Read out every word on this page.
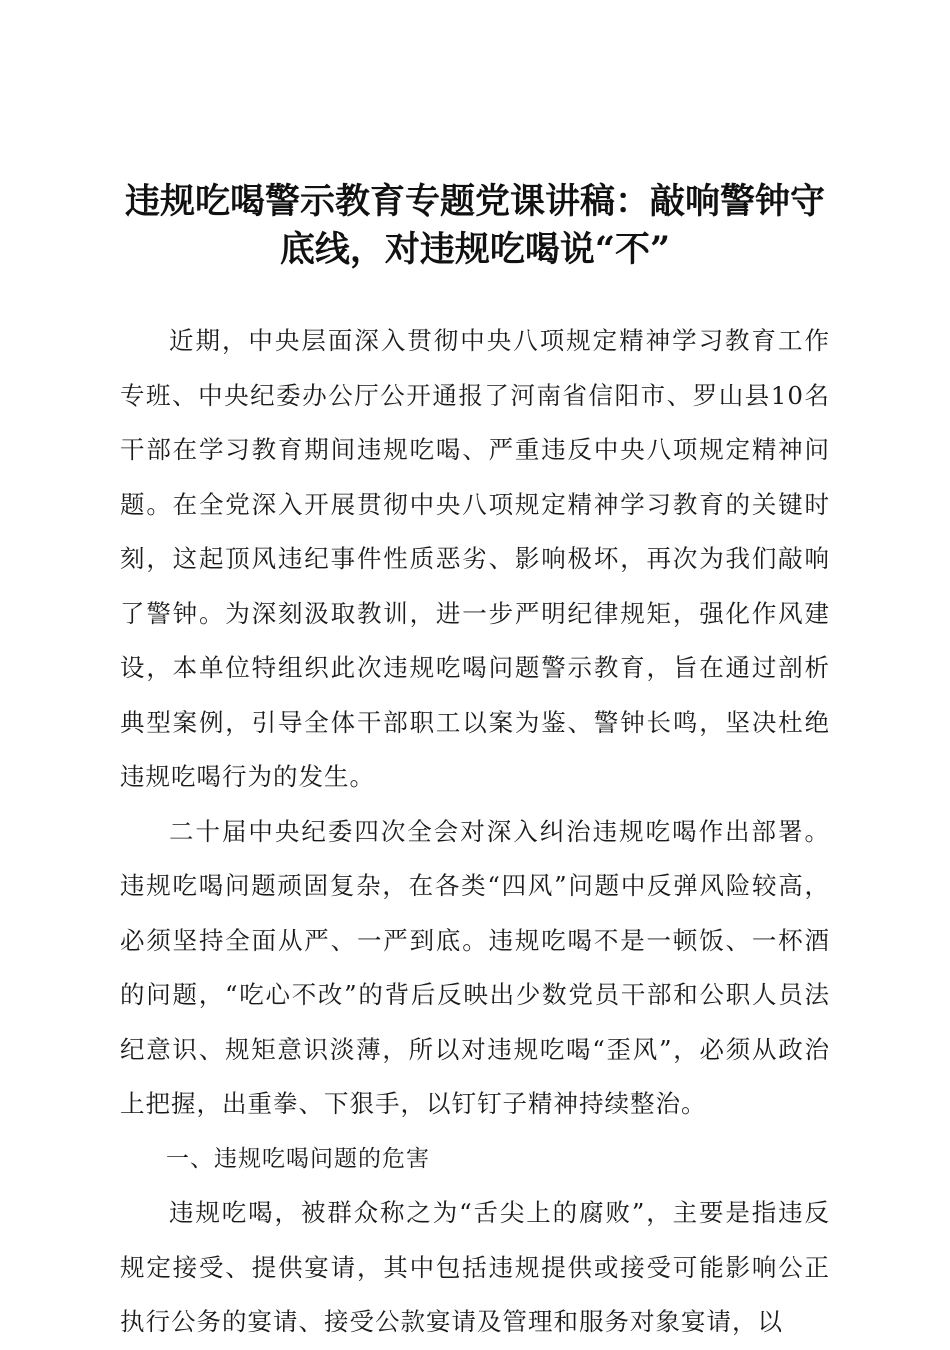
违规吃喝警示教育专题党课讲稿：敲响警钟守
底线，对违规吃喝说“不”

近期，中央层面深入贯彻中央八项规定精神学习教育工作专班、中央纪委办公厅公开通报了河南省信阳市、罗山县10名干部在学习教育期间违规吃喝、严重违反中央八项规定精神问题。在全党深入开展贯彻中央八项规定精神学习教育的关键时刻，这起顶风违纪事件性质恶劣、影响极坏，再次为我们敲响了警钟。为深刻汲取教训，进一步严明纪律规矩，强化作风建设，本单位特组织此次违规吃喝问题警示教育，旨在通过剖析典型案例，引导全体干部职工以案为鉴、警钟长鸣，坚决杜绝违规吃喝行为的发生。

二十届中央纪委四次全会对深入纠治违规吃喝作出部署。违规吃喝问题顽固复杂，在各类“四风”问题中反弹风险较高，必须坚持全面从严、一严到底。违规吃喝不是一顿饭、一杯酒的问题，“吃心不改”的背后反映出少数党员干部和公职人员法纪意识、规矩意识淡薄，所以对违规吃喝“歪风”，必须从政治上把握，出重拳、下狠手，以钉钉子精神持续整治。

一、违规吃喝问题的危害

违规吃喝，被群众称之为“舌尖上的腐败”，主要是指违反规定接受、提供宴请，其中包括违规提供或接受可能影响公正执行公务的宴请、接受公款宴请及管理和服务对象宴请，以
